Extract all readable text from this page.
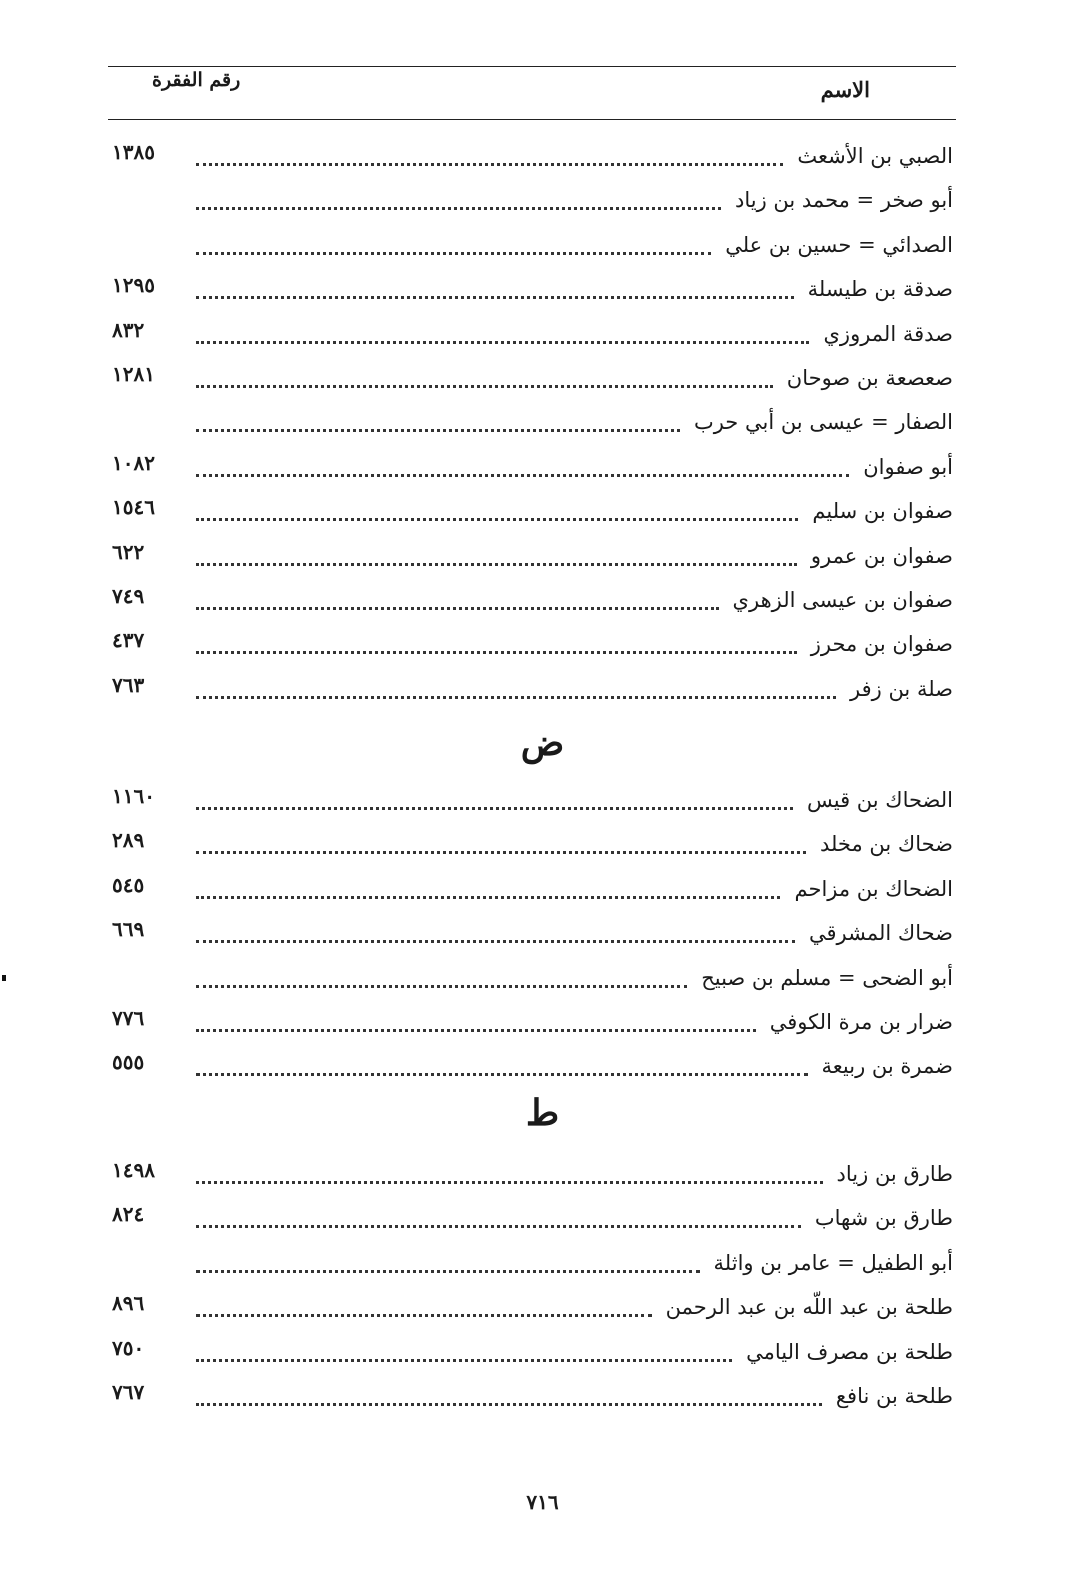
الاسم
رقم الفقرة
الصبي بن الأشعث
١٣٨٥
أبو صخر = محمد بن زياد
الصدائي = حسين بن علي
صدقة بن طيسلة
١٢٩٥
صدقة المروزي
٨٣٢
صعصعة بن صوحان
١٢٨١
الصفار = عيسى بن أبي حرب
أبو صفوان
١٠٨٢
صفوان بن سليم
١٥٤٦
صفوان بن عمرو
٦٢٢
صفوان بن عيسى الزهري
٧٤٩
صفوان بن محرز
٤٣٧
صلة بن زفر
٧٦٣
ض
الضحاك بن قيس
١١٦٠
ضحاك بن مخلد
٢٨٩
الضحاك بن مزاحم
٥٤٥
ضحاك المشرقي
٦٦٩
أبو الضحى = مسلم بن صبيح
ضرار بن مرة الكوفي
٧٧٦
ضمرة بن ربيعة
٥٥٥
ط
طارق بن زياد
١٤٩٨
طارق بن شهاب
٨٢٤
أبو الطفيل = عامر بن واثلة
طلحة بن عبد اللّه بن عبد الرحمن
٨٩٦
طلحة بن مصرف اليامي
٧٥٠
طلحة بن نافع
٧٦٧
٧١٦
